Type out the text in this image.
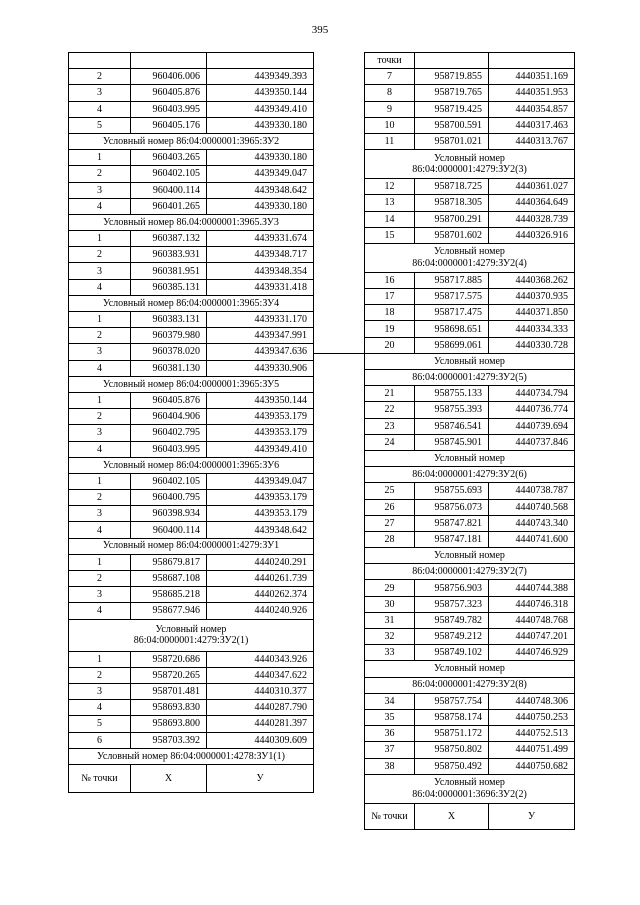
395

2	960406.006	4439349.393
3	960405.876	4439350.144
4	960403.995	4439349.410
5	960405.176	4439330.180
Условный номер 86:04:0000001:3965:ЗУ2		
1	960403.265	4439330.180
2	960402.105	4439349.047
3	960400.114	4439348.642
4	960401.265	4439330.180
Условный номер 86.04:0000001:3965.ЗУ3		
1	960387.132	4439331.674
2	960383.931	4439348.717
3	960381.951	4439348.354
4	960385.131	4439331.418
Условный номер 86:04:0000001:3965:ЗУ4		
1	960383.131	4439331.170
2	960379.980	4439347.991
3	960378.020	4439347.636
4	960381.130	4439330.906
Условный номер 86:04:0000001:3965:ЗУ5		
1	960405.876	4439350.144
2	960404.906	4439353.179
3	960402.795	4439353.179
4	960403.995	4439349.410
Условный номер 86:04:0000001:3965:ЗУ6		
1	960402.105	4439349.047
2	960400.795	4439353.179
3	960398.934	4439353.179
4	960400.114	4439348.642
Условный номер 86:04:0000001:4279:ЗУ1		
1	958679.817	4440240.291
2	958687.108	4440261.739
3	958685.218	4440262.374
4	958677.946	4440240.926

Условный номер
86:04:0000001:4279:ЗУ2(1)		

1	958720.686	4440343.926
2	958720.265	4440347.622
3	958701.481	4440310.377
4	958693.830	4440287.790
5	958693.800	4440281.397
6	958703.392	4440309.609
Условный номер 86:04:0000001:4278:ЗУ1(1)		
№ точки	X	У
точки		
7	958719.855	4440351.169
8	958719.765	4440351.953
9	958719.425	4440354.857
10	958700.591	4440317.463
11	958701.021	4440313.767

Условный номер
86:04:0000001:4279:ЗУ2(3)		

12	958718.725	4440361.027
13	958718.305	4440364.649
14	958700.291	4440328.739
15	958701.602	4440326.916

Условный номер
86:04:0000001:4279:ЗУ2(4)		

16	958717.885	4440368.262
17	958717.575	4440370.935
18	958717.475	4440371.850
19	958698.651	4440334.333
20	958699.061	4440330.728
Условный номер		
86:04:0000001:4279:ЗУ2(5)		
21	958755.133	4440734.794
22	958755.393	4440736.774
23	958746.541	4440739.694
24	958745.901	4440737.846
Условный номер		
86:04:0000001:4279:ЗУ2(6)		
25	958755.693	4440738.787
26	958756.073	4440740.568
27	958747.821	4440743.340
28	958747.181	4440741.600
Условный номер		
86:04:0000001:4279:ЗУ2(7)		
29	958756.903	4440744.388
30	958757.323	4440746.318
31	958749.782	4440748.768
32	958749.212	4440747.201
33	958749.102	4440746.929
Условный номер		
86:04:0000001:4279:ЗУ2(8)		
34	958757.754	4440748.306
35	958758.174	4440750.253
36	958751.172	4440752.513
37	958750.802	4440751.499
38	958750.492	4440750.682

Условный номер
86:04:0000001:3696:ЗУ2(2)		

№ точки	X	У
